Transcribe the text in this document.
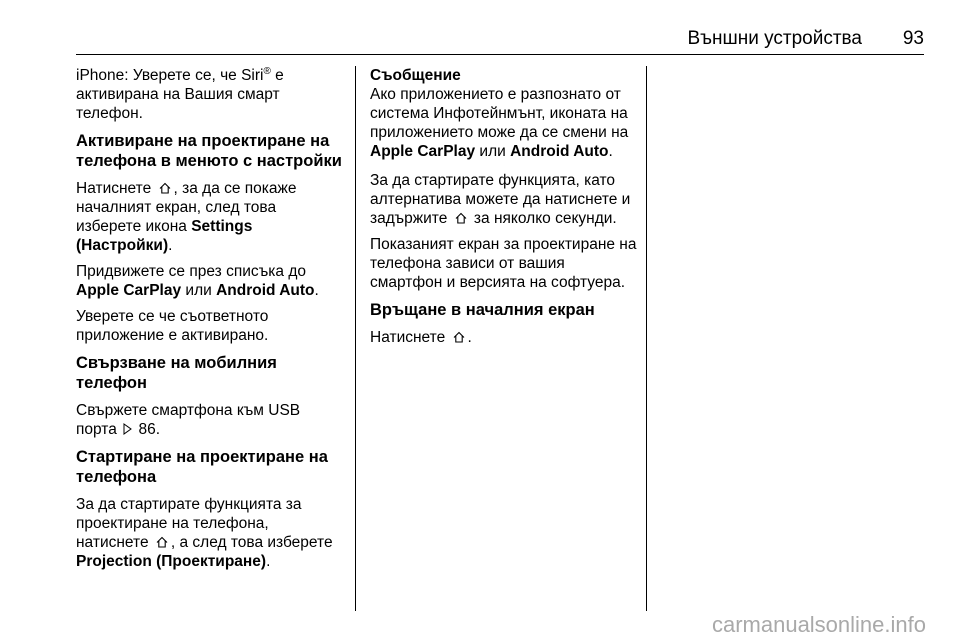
Външни устройства 93

iPhone: Уверете се, че Siri® е активирана на Вашия смарт телефон.

Активиране на проектиране на телефона в менюто с настройки

Натиснете
, за да се покаже началният екран, след това изберете икона Settings (Настройки).

Придвижете се през списъка до Apple CarPlay или Android Auto.

Уверете се че съответното приложение е активирано.

Свързване на мобилния телефон

Свържете смартфона към USB порта
86.

Стартиране на проектиране на телефона

За да стартирате функцията за проектиране на телефона, натиснете
, а след това изберете Projection (Проектиране).

Съобщение
Ако приложението е разпознато от система Инфотейнмънт, иконата на приложението може да се смени на Apple CarPlay или Android Auto.

За да стартирате функцията, като алтернатива можете да натиснете и задържите
за няколко секунди.

Показаният екран за проектиране на телефона зависи от вашия смартфон и версията на софтуера.

Връщане в началния екран

Натиснете
.

carmanualsonline.info
